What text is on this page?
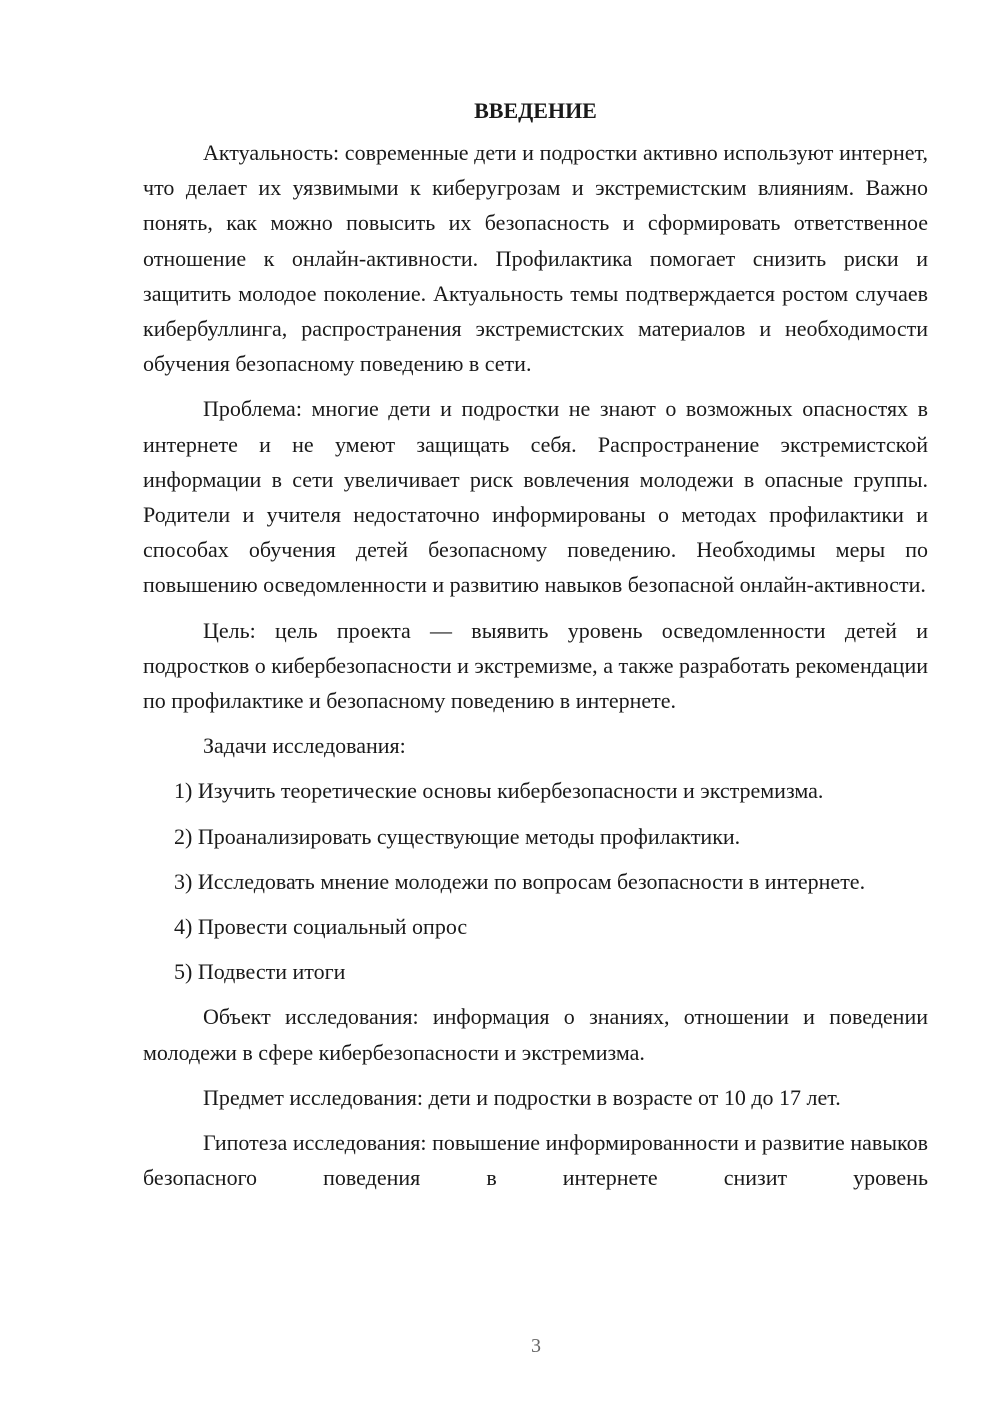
ВВЕДЕНИЕ

Актуальность: современные дети и подростки активно используют интернет, что делает их уязвимыми к киберугрозам и экстремистским влияниям. Важно понять, как можно повысить их безопасность и сформировать ответственное отношение к онлайн-активности. Профилактика помогает снизить риски и защитить молодое поколение. Актуальность темы подтверждается ростом случаев кибербуллинга, распространения экстремистских материалов и необходимости обучения безопасному поведению в сети.

Проблема: многие дети и подростки не знают о возможных опасностях в интернете и не умеют защищать себя. Распространение экстремистской информации в сети увеличивает риск вовлечения молодежи в опасные группы. Родители и учителя недостаточно информированы о методах профилактики и способах обучения детей безопасному поведению. Необходимы меры по повышению осведомленности и развитию навыков безопасной онлайн-активности.

Цель: цель проекта — выявить уровень осведомленности детей и подростков о кибербезопасности и экстремизме, а также разработать рекомендации по профилактике и безопасному поведению в интернете.

Задачи исследования:

1) Изучить теоретические основы кибербезопасности и экстремизма.

2) Проанализировать существующие методы профилактики.

3) Исследовать мнение молодежи по вопросам безопасности в интернете.

4) Провести социальный опрос

5) Подвести итоги

Объект исследования: информация о знаниях, отношении и поведении молодежи в сфере кибербезопасности и экстремизма.

Предмет исследования: дети и подростки в возрасте от 10 до 17 лет.

Гипотеза исследования: повышение информированности и развитие навыков безопасного поведения в интернете снизит уровень

3
